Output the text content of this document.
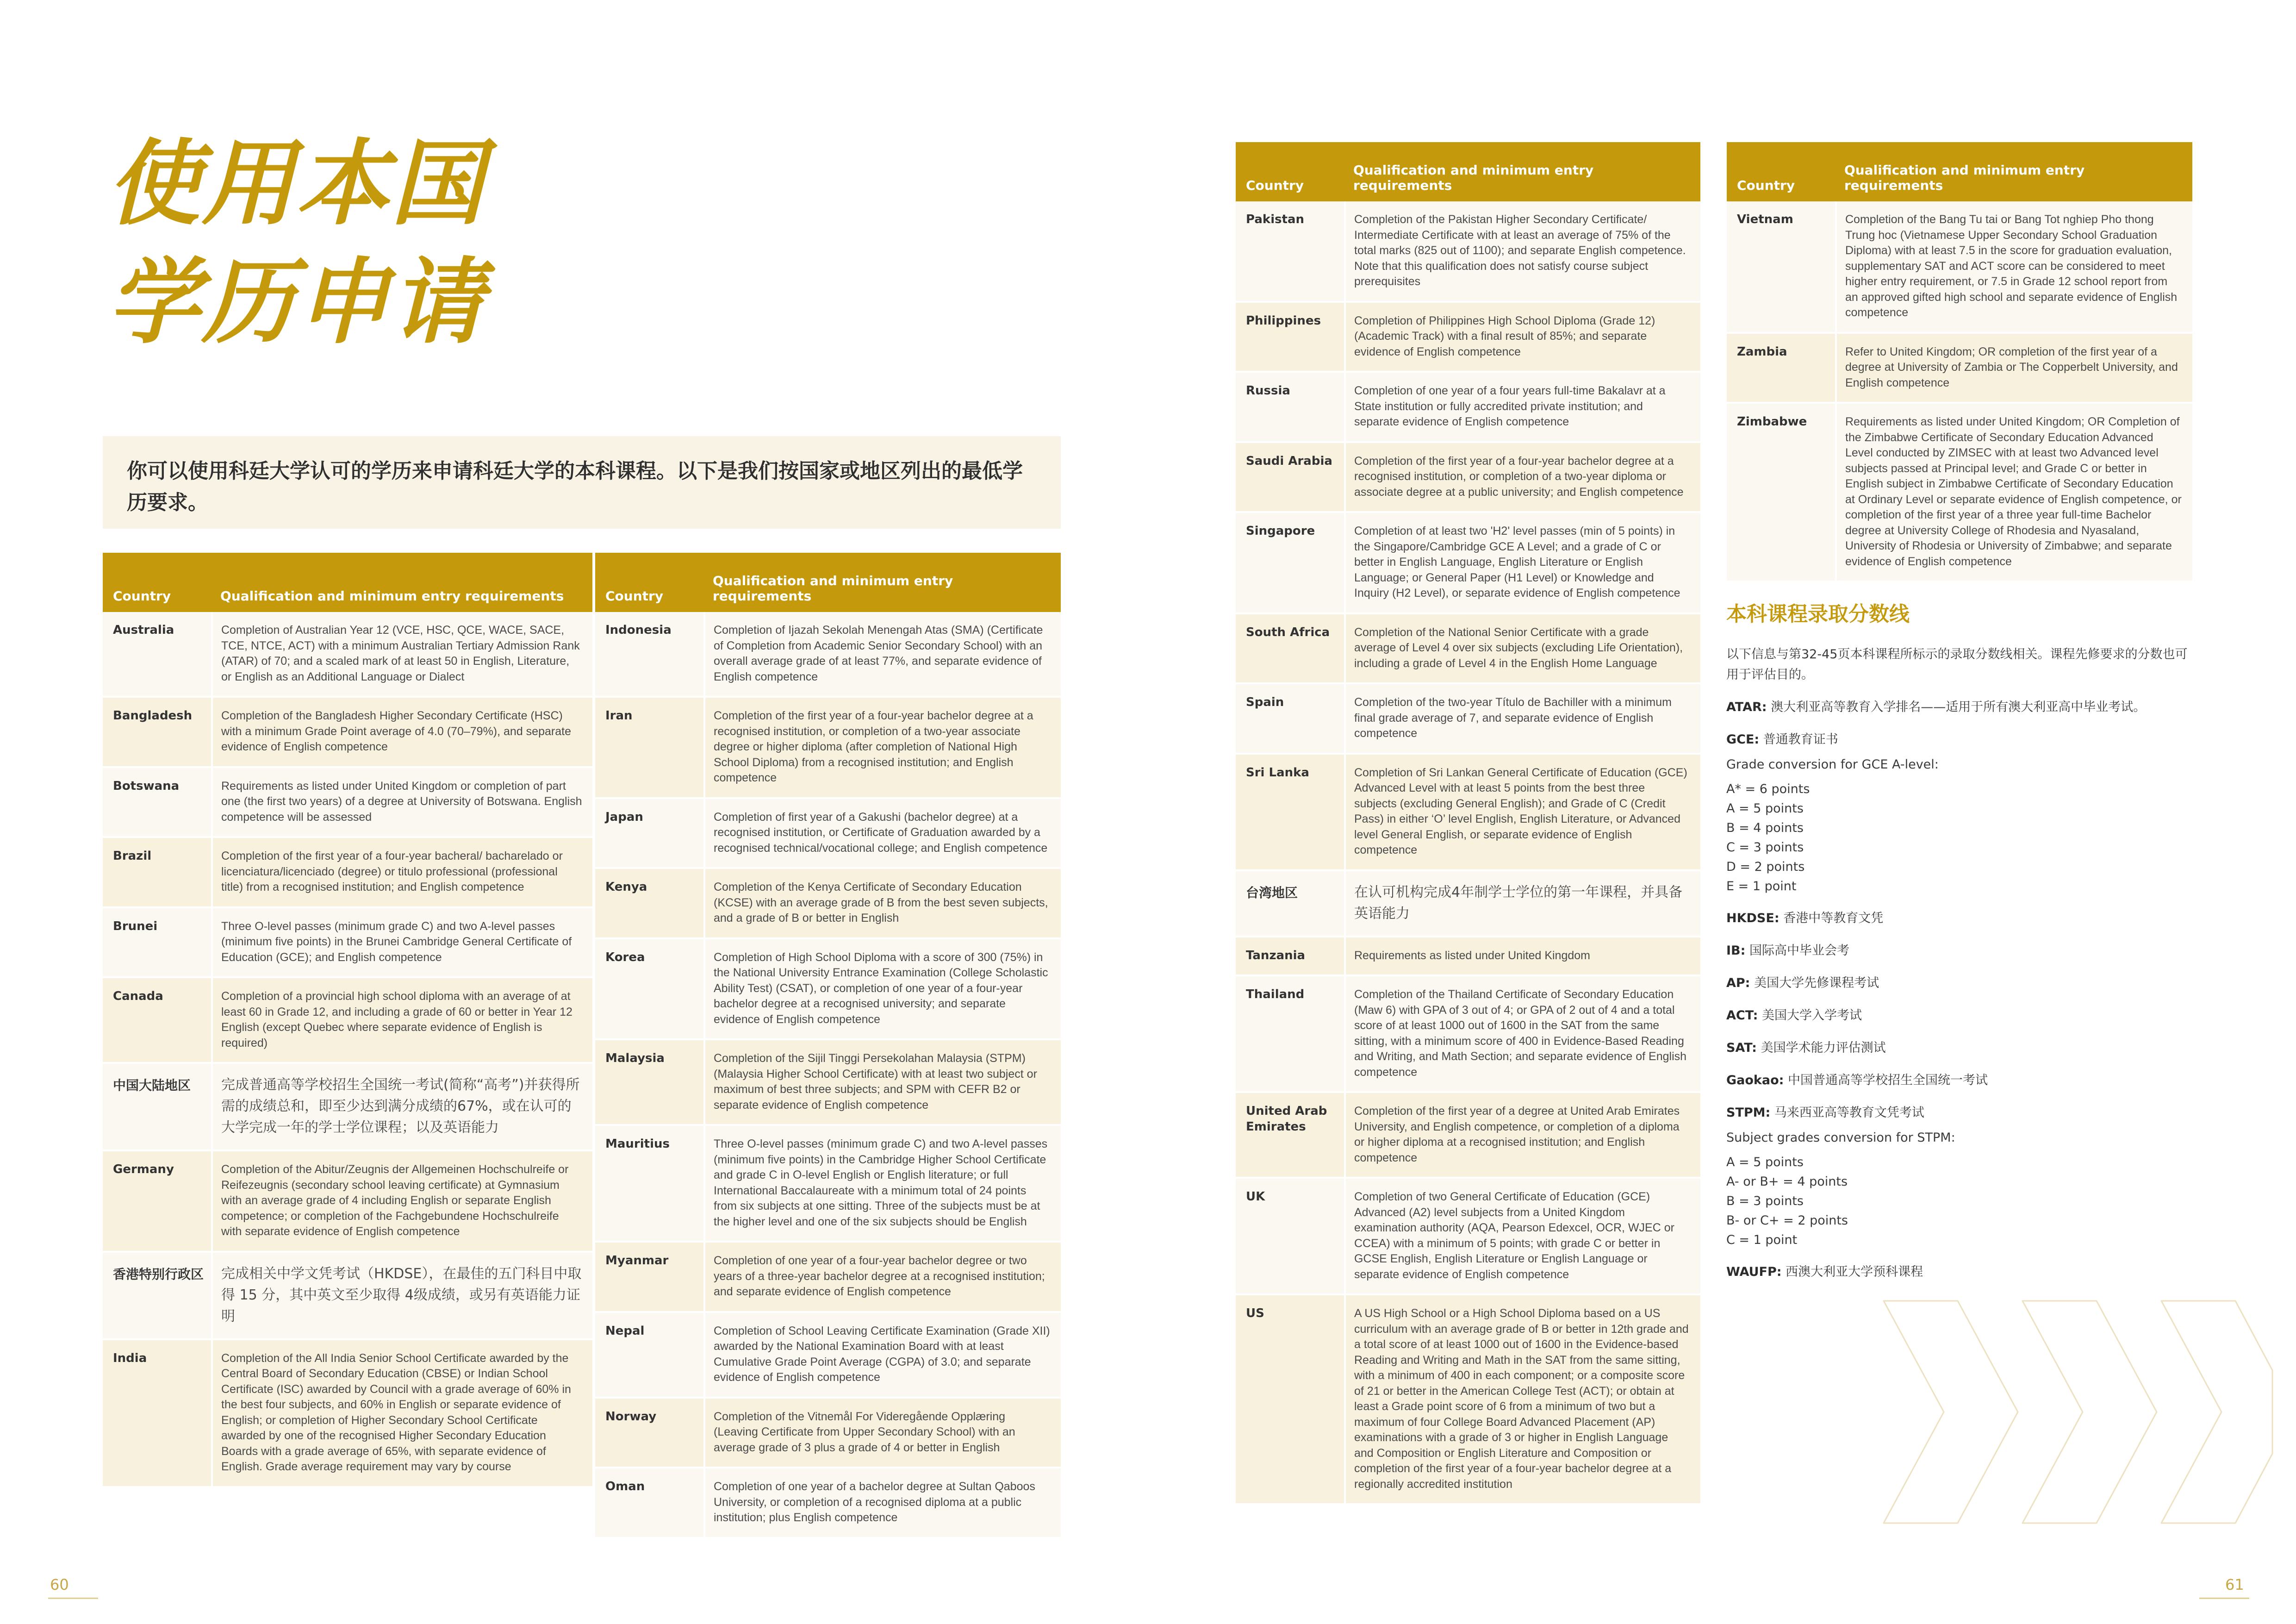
使用本国
学历申请
你可以使用科廷大学认可的学历来申请科廷大学的本科课程。以下是我们按国家或地区列出的最低学历要求。
Country	Qualification and minimum entry requirements
Australia	Completion of Australian Year 12 (VCE, HSC, QCE, WACE, SACE, TCE, NTCE, ACT) with a minimum Australian Tertiary Admission Rank (ATAR) of 70; and a scaled mark of at least 50 in English, Literature, or English as an Additional Language or Dialect
Bangladesh	Completion of the Bangladesh Higher Secondary Certificate (HSC) with a minimum Grade Point average of 4.0 (70–79%), and separate evidence of English competence
Botswana	Requirements as listed under United Kingdom or completion of part one (the first two years) of a degree at University of Botswana. English competence will be assessed
Brazil	Completion of the first year of a four-year bacheral/ bacharelado or licenciatura/licenciado (degree) or titulo professional (professional title) from a recognised institution; and English competence
Brunei	Three O-level passes (minimum grade C) and two A-level passes (minimum five points) in the Brunei Cambridge General Certificate of Education (GCE); and English competence
Canada	Completion of a provincial high school diploma with an average of at least 60 in Grade 12, and including a grade of 60 or better in Year 12 English (except Quebec where separate evidence of English is required)
中国大陆地区	完成普通高等学校招生全国统一考试(简称“高考”)并获得所需的成绩总和，即至少达到满分成绩的67%，或在认可的大学完成一年的学士学位课程；以及英语能力
Germany	Completion of the Abitur/Zeugnis der Allgemeinen Hochschulreife or Reifezeugnis (secondary school leaving certificate) at Gymnasium with an average grade of 4 including English or separate English competence; or completion of the Fachgebundene Hochschulreife with separate evidence of English competence
香港特别行政区	完成相关中学文凭考试（HKDSE），在最佳的五门科目中取得 15 分，其中英文至少取得 4级成绩，或另有英语能力证明
India	Completion of the All India Senior School Certificate awarded by the Central Board of Secondary Education (CBSE) or Indian School Certificate (ISC) awarded by Council with a grade average of 60% in the best four subjects, and 60% in English or separate evidence of English; or completion of Higher Secondary School Certificate awarded by one of the recognised Higher Secondary Education Boards with a grade average of 65%, with separate evidence of English. Grade average requirement may vary by course
Country	Qualification and minimum entry requirements
Indonesia	Completion of Ijazah Sekolah Menengah Atas (SMA) (Certificate of Completion from Academic Senior Secondary School) with an overall average grade of at least 77%, and separate evidence of English competence
Iran	Completion of the first year of a four-year bachelor degree at a recognised institution, or completion of a two-year associate degree or higher diploma (after completion of National High School Diploma) from a recognised institution; and English competence
Japan	Completion of first year of a Gakushi (bachelor degree) at a recognised institution, or Certificate of Graduation awarded by a recognised technical/vocational college; and English competence
Kenya	Completion of the Kenya Certificate of Secondary Education (KCSE) with an average grade of B from the best seven subjects, and a grade of B or better in English
Korea	Completion of High School Diploma with a score of 300 (75%) in the National University Entrance Examination (College Scholastic Ability Test) (CSAT), or completion of one year of a four-year bachelor degree at a recognised university; and separate evidence of English competence
Malaysia	Completion of the Sijil Tinggi Persekolahan Malaysia (STPM) (Malaysia Higher School Certificate) with at least two subject or maximum of best three subjects; and SPM with CEFR B2 or separate evidence of English competence
Mauritius	Three O-level passes (minimum grade C) and two A-level passes (minimum five points) in the Cambridge Higher School Certificate and grade C in O-level English or English literature; or full International Baccalaureate with a minimum total of 24 points from six subjects at one sitting. Three of the subjects must be at the higher level and one of the six subjects should be English
Myanmar	Completion of one year of a four-year bachelor degree or two years of a three-year bachelor degree at a recognised institution; and separate evidence of English competence
Nepal	Completion of School Leaving Certificate Examination (Grade XII) awarded by the National Examination Board with at least Cumulative Grade Point Average (CGPA) of 3.0; and separate evidence of English competence
Norway	Completion of the Vitnemål For Videregående Opplæring (Leaving Certificate from Upper Secondary School) with an average grade of 3 plus a grade of 4 or better in English
Oman	Completion of one year of a bachelor degree at Sultan Qaboos University, or completion of a recognised diploma at a public institution; plus English competence
Country	Qualification and minimum entry requirements
Pakistan	Completion of the Pakistan Higher Secondary Certificate/ Intermediate Certificate with at least an average of 75% of the total marks (825 out of 1100); and separate English competence. Note that this qualification does not satisfy course subject prerequisites
Philippines	Completion of Philippines High School Diploma (Grade 12) (Academic Track) with a final result of 85%; and separate evidence of English competence
Russia	Completion of one year of a four years full-time Bakalavr at a State institution or fully accredited private institution; and separate evidence of English competence
Saudi Arabia	Completion of the first year of a four-year bachelor degree at a recognised institution, or completion of a two-year diploma or associate degree at a public university; and English competence
Singapore	Completion of at least two 'H2' level passes (min of 5 points) in the Singapore/Cambridge GCE A Level; and a grade of C or better in English Language, English Literature or English Language; or General Paper (H1 Level) or Knowledge and Inquiry (H2 Level), or separate evidence of English competence
South Africa	Completion of the National Senior Certificate with a grade average of Level 4 over six subjects (excluding Life Orientation), including a grade of Level 4 in the English Home Language
Spain	Completion of the two-year Título de Bachiller with a minimum final grade average of 7, and separate evidence of English competence
Sri Lanka	Completion of Sri Lankan General Certificate of Education (GCE) Advanced Level with at least 5 points from the best three subjects (excluding General English); and Grade of C (Credit Pass) in either ‘O’ level English, English Literature, or Advanced level General English, or separate evidence of English competence
台湾地区	在认可机构完成4年制学士学位的第一年课程，并具备英语能力
Tanzania	Requirements as listed under United Kingdom
Thailand	Completion of the Thailand Certificate of Secondary Education (Maw 6) with GPA of 3 out of 4; or GPA of 2 out of 4 and a total score of at least 1000 out of 1600 in the SAT from the same sitting, with a minimum score of 400 in Evidence-Based Reading and Writing, and Math Section; and separate evidence of English competence
United Arab Emirates	Completion of the first year of a degree at United Arab Emirates University, and English competence, or completion of a diploma or higher diploma at a recognised institution; and English competence
UK	Completion of two General Certificate of Education (GCE) Advanced (A2) level subjects from a United Kingdom examination authority (AQA, Pearson Edexcel, OCR, WJEC or CCEA) with a minimum of 5 points; with grade C or better in GCSE English, English Literature or English Language or separate evidence of English competence
US	A US High School or a High School Diploma based on a US curriculum with an average grade of B or better in 12th grade and a total score of at least 1000 out of 1600 in the Evidence-based Reading and Writing and Math in the SAT from the same sitting, with a minimum of 400 in each component; or a composite score of 21 or better in the American College Test (ACT); or obtain at least a Grade point score of 6 from a minimum of two but a maximum of four College Board Advanced Placement (AP) examinations with a grade of 3 or higher in English Language and Composition or English Literature and Composition or completion of the first year of a four-year bachelor degree at a regionally accredited institution
Country	Qualification and minimum entry requirements
Vietnam	Completion of the Bang Tu tai or Bang Tot nghiep Pho thong Trung hoc (Vietnamese Upper Secondary School Graduation Diploma) with at least 7.5 in the score for graduation evaluation, supplementary SAT and ACT score can be considered to meet higher entry requirement, or 7.5 in Grade 12 school report from an approved gifted high school and separate evidence of English competence
Zambia	Refer to United Kingdom; OR completion of the first year of a degree at University of Zambia or The Copperbelt University, and English competence
Zimbabwe	Requirements as listed under United Kingdom; OR Completion of the Zimbabwe Certificate of Secondary Education Advanced Level conducted by ZIMSEC with at least two Advanced level subjects passed at Principal level; and Grade C or better in English subject in Zimbabwe Certificate of Secondary Education at Ordinary Level or separate evidence of English competence, or completion of the first year of a three year full-time Bachelor degree at University College of Rhodesia and Nyasaland, University of Rhodesia or University of Zimbabwe; and separate evidence of English competence
本科课程录取分数线

以下信息与第32-45页本科课程所标示的录取分数线相关。课程先修要求的分数也可用于评估目的。

ATAR: 澳大利亚高等教育入学排名——适用于所有澳大利亚高中毕业考试。

GCE: 普通教育证书

Grade conversion for GCE A-level:

A* = 6 points
A = 5 points
B = 4 points
C = 3 points
D = 2 points
E = 1 point

HKDSE: 香港中等教育文凭

IB: 国际高中毕业会考

AP: 美国大学先修课程考试

ACT: 美国大学入学考试

SAT: 美国学术能力评估测试

Gaokao: 中国普通高等学校招生全国统一考试

STPM: 马来西亚高等教育文凭考试

Subject grades conversion for STPM:

A = 5 points
A- or B+ = 4 points
B = 3 points
B- or C+ = 2 points
C = 1 point

WAUFP: 西澳大利亚大学预科课程

60	61
